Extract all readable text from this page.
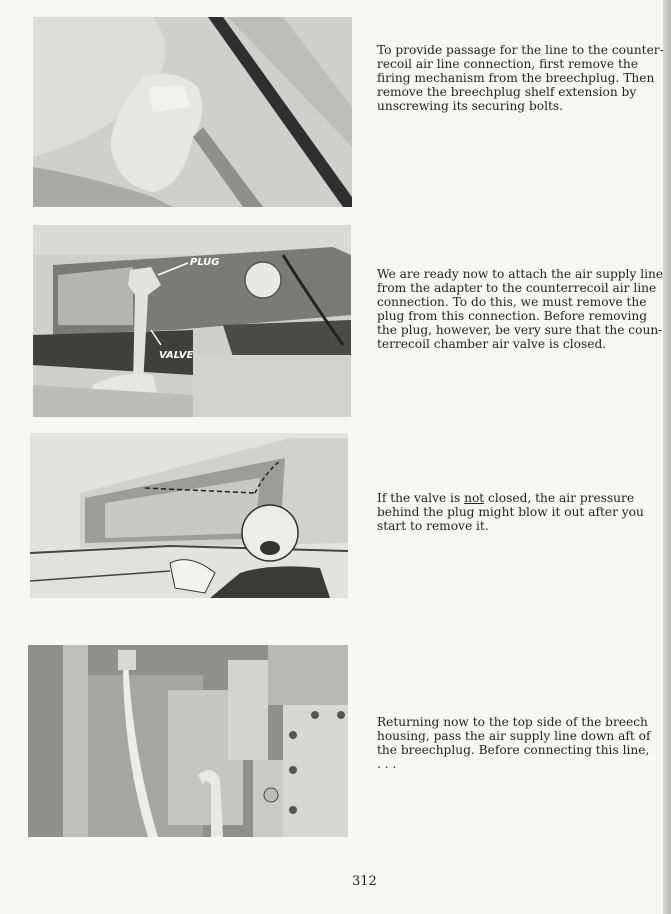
PLUG
VALVE
To provide passage for the line to the counter-
recoil air line connection, first remove the
firing mechanism from the breechplug. Then
remove the breechplug shelf extension by
unscrewing its securing bolts.
We are ready now to attach the air supply line
from the adapter to the counterrecoil air line
connection. To do this, we must remove the
plug from this connection. Before removing
the plug, however, be very sure that the coun-
terrecoil chamber air valve is closed.
If the valve is not closed, the air pressure
behind the plug might blow it out after you
start to remove it.
Returning now to the top side of the breech
housing, pass the air supply line down aft of
the breechplug. Before connecting this line,
. . .
312
